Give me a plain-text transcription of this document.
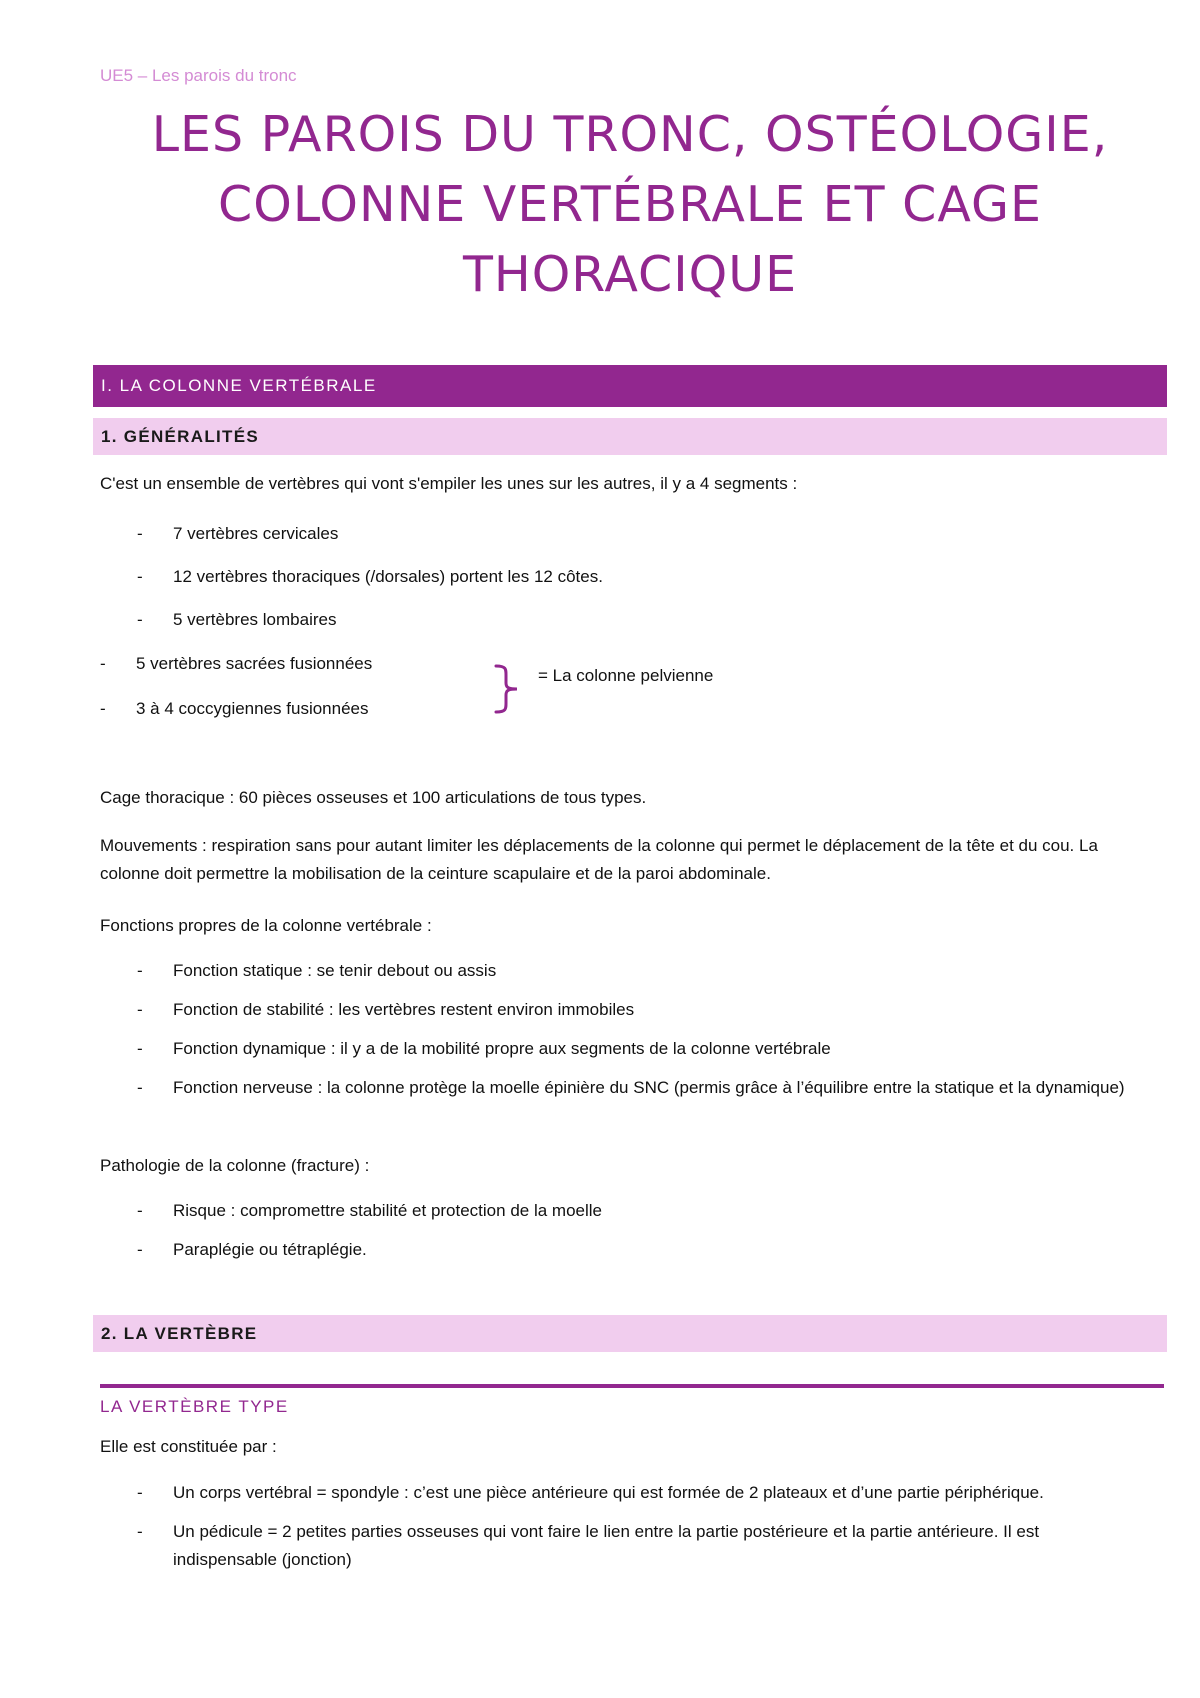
UE5 – Les parois du tronc
LES PAROIS DU TRONC, OSTÉOLOGIE,
COLONNE VERTÉBRALE ET CAGE
THORACIQUE
I. LA COLONNE VERTÉBRALE
1. GÉNÉRALITÉS

C'est un ensemble de vertèbres qui vont s'empiler les unes sur les autres, il y a 4 segments :

- 7 vertèbres cervicales
- 12 vertèbres thoraciques (/dorsales) portent les 12 côtes.
- 5 vertèbres lombaires
- 5 vertèbres sacrées fusionnées
- 3 à 4 coccygiennes fusionnées
= La colonne pelvienne

Cage thoracique : 60 pièces osseuses et 100 articulations de tous types.

Mouvements : respiration sans pour autant limiter les déplacements de la colonne qui permet le déplacement de la tête et du cou. La colonne doit permettre la mobilisation de la ceinture scapulaire et de la paroi abdominale.

Fonctions propres de la colonne vertébrale :

- Fonction statique : se tenir debout ou assis
- Fonction de stabilité : les vertèbres restent environ immobiles
- Fonction dynamique : il y a de la mobilité propre aux segments de la colonne vertébrale
- Fonction nerveuse : la colonne protège la moelle épinière du SNC (permis grâce à l’équilibre entre la statique et la dynamique)

Pathologie de la colonne (fracture) :

- Risque : compromettre stabilité et protection de la moelle
- Paraplégie ou tétraplégie.
2. LA VERTÈBRE
LA VERTÈBRE TYPE

Elle est constituée par :

- Un corps vertébral = spondyle : c’est une pièce antérieure qui est formée de 2 plateaux et d’une partie périphérique.
- Un pédicule = 2 petites parties osseuses qui vont faire le lien entre la partie postérieure et la partie antérieure. Il est indispensable (jonction)
